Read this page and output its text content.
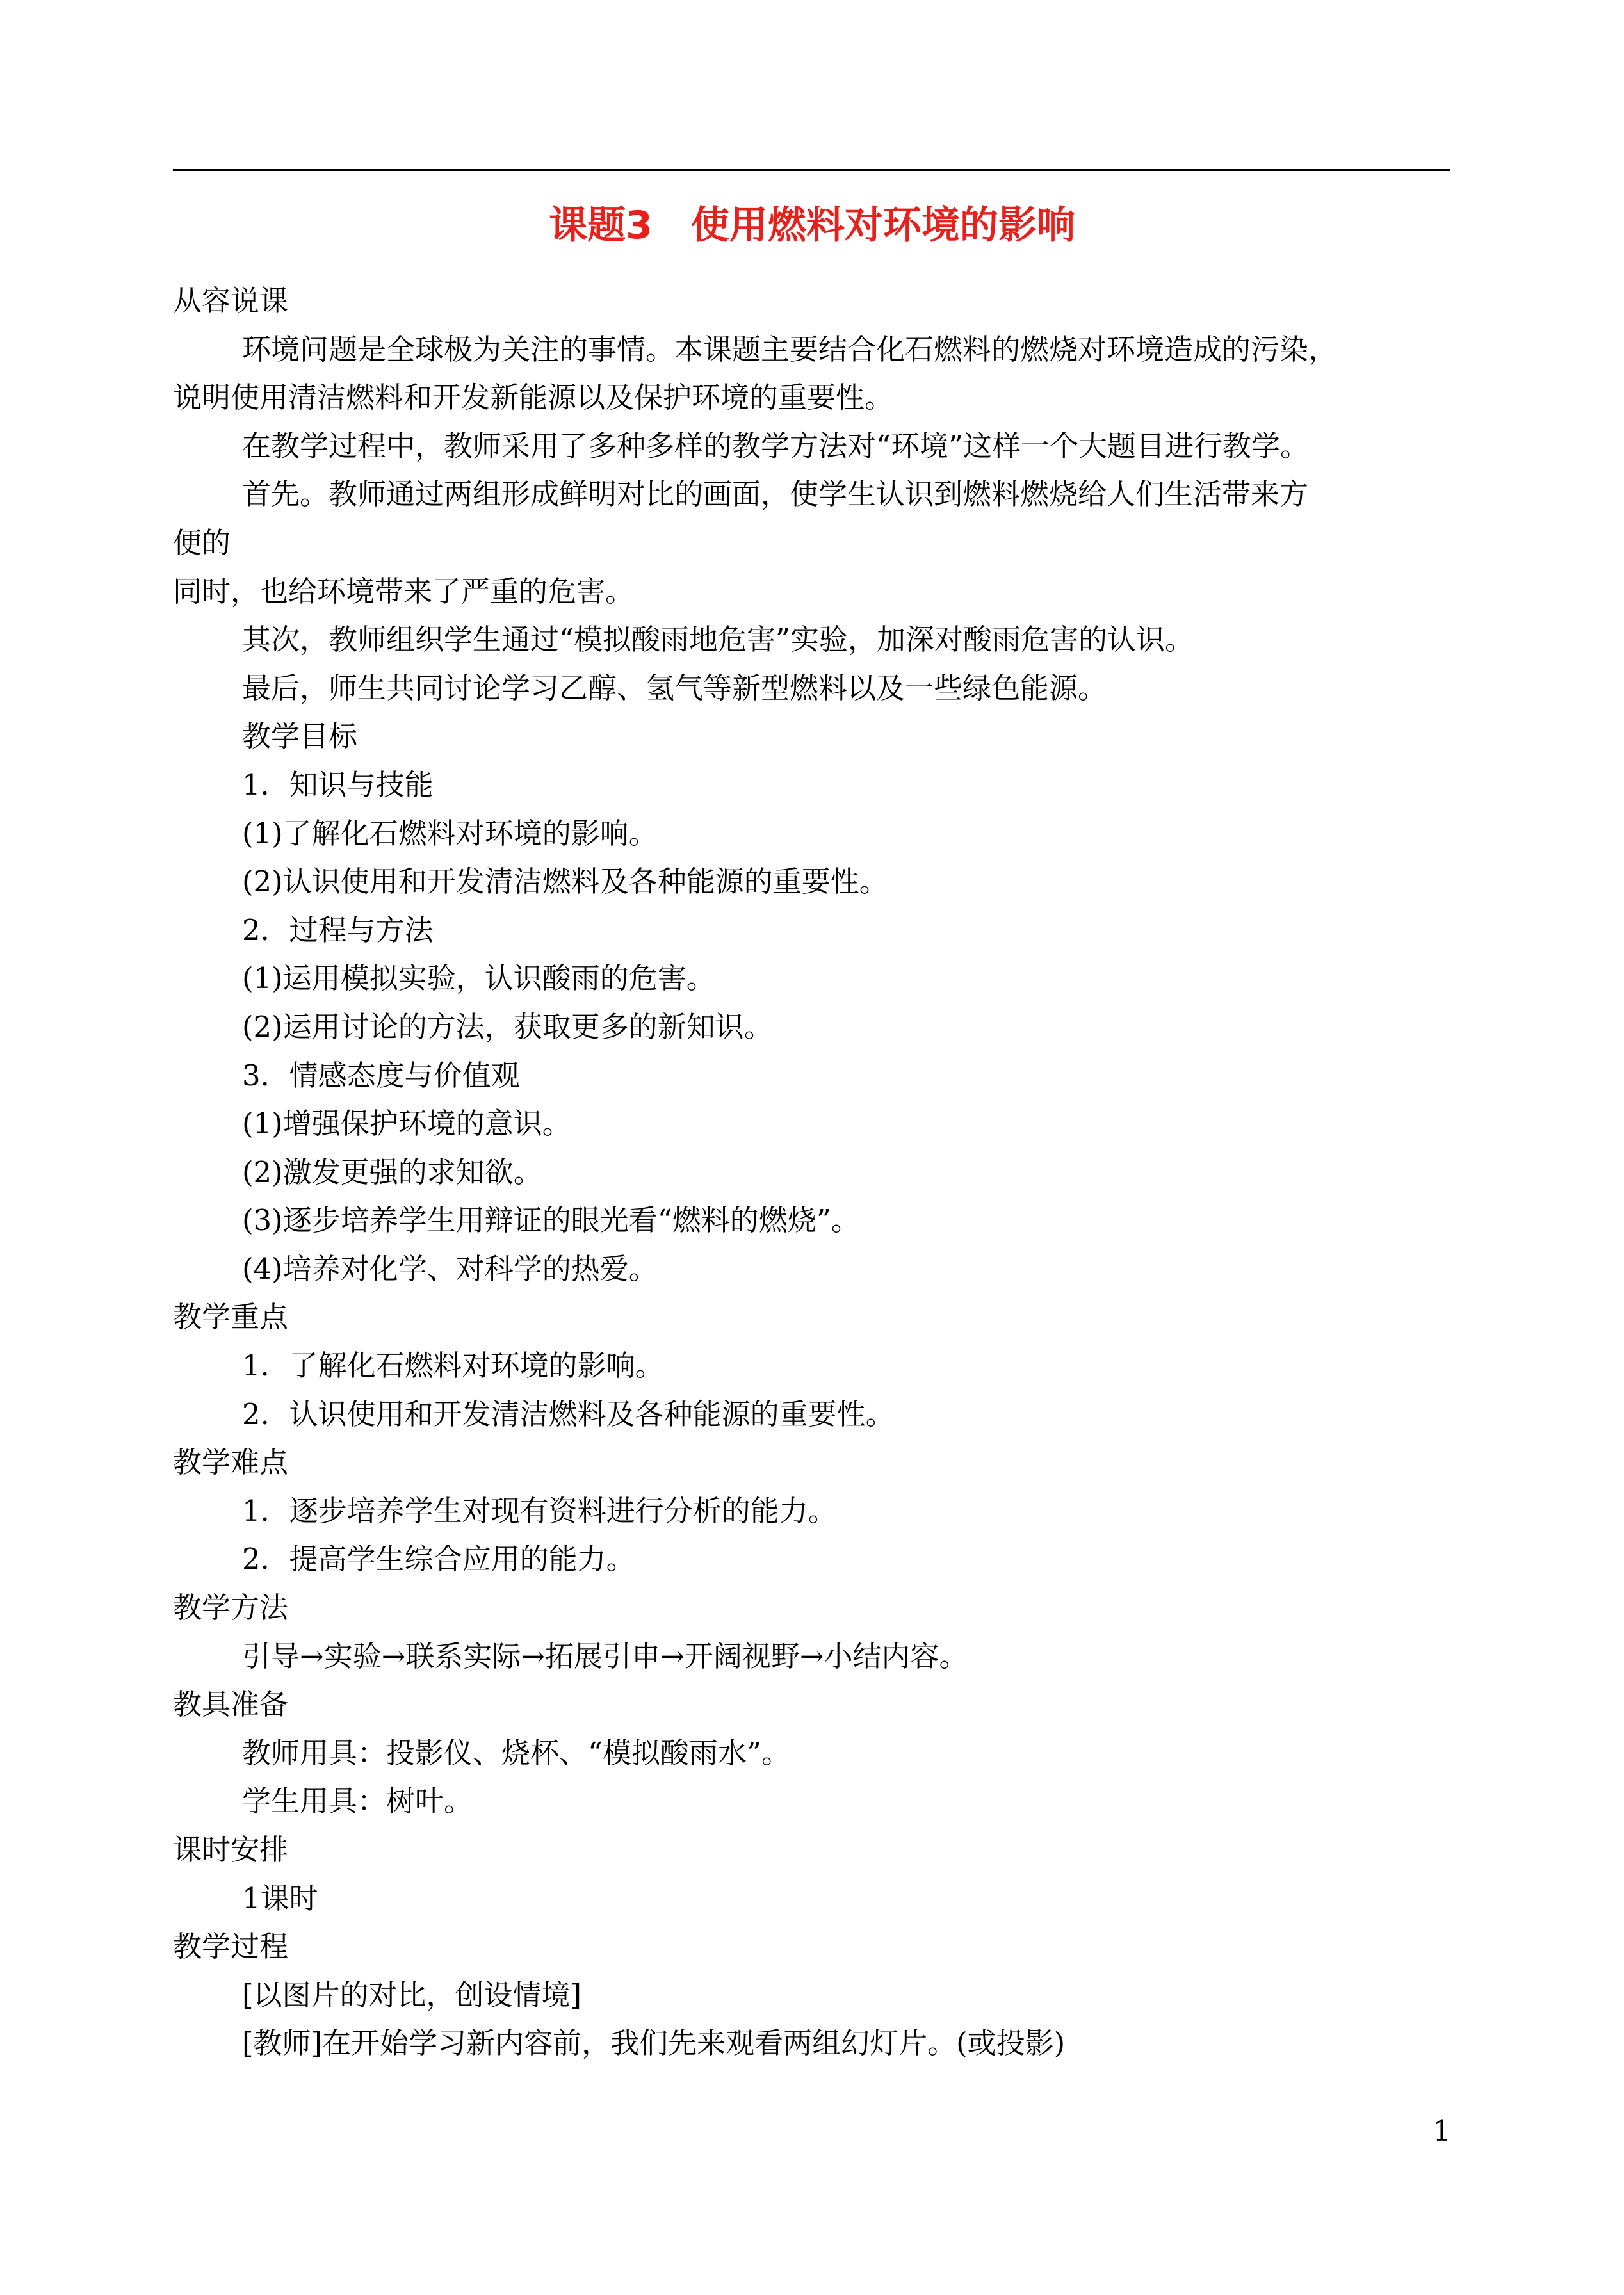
课题3　使用燃料对环境的影响
从容说课
环境问题是全球极为关注的事情。本课题主要结合化石燃料的燃烧对环境造成的污染，
说明使用清洁燃料和开发新能源以及保护环境的重要性。
在教学过程中，教师采用了多种多样的教学方法对“环境”这样一个大题目进行教学。
首先。教师通过两组形成鲜明对比的画面，使学生认识到燃料燃烧给人们生活带来方
便的
同时，也给环境带来了严重的危害。
其次，教师组织学生通过“模拟酸雨地危害”实验，加深对酸雨危害的认识。
最后，师生共同讨论学习乙醇、氢气等新型燃料以及一些绿色能源。
教学目标
1．知识与技能
(1)了解化石燃料对环境的影响。
(2)认识使用和开发清洁燃料及各种能源的重要性。
2．过程与方法
(1)运用模拟实验，认识酸雨的危害。
(2)运用讨论的方法，获取更多的新知识。
3．情感态度与价值观
(1)增强保护环境的意识。
(2)激发更强的求知欲。
(3)逐步培养学生用辩证的眼光看“燃料的燃烧”。
(4)培养对化学、对科学的热爱。
教学重点
1．了解化石燃料对环境的影响。
2．认识使用和开发清洁燃料及各种能源的重要性。
教学难点
1．逐步培养学生对现有资料进行分析的能力。
2．提高学生综合应用的能力。
教学方法
引导→实验→联系实际→拓展引申→开阔视野→小结内容。
教具准备
教师用具：投影仪、烧杯、“模拟酸雨水”。
学生用具：树叶。
课时安排
1课时
教学过程
[以图片的对比，创设情境]
[教师]在开始学习新内容前，我们先来观看两组幻灯片。(或投影)
1
